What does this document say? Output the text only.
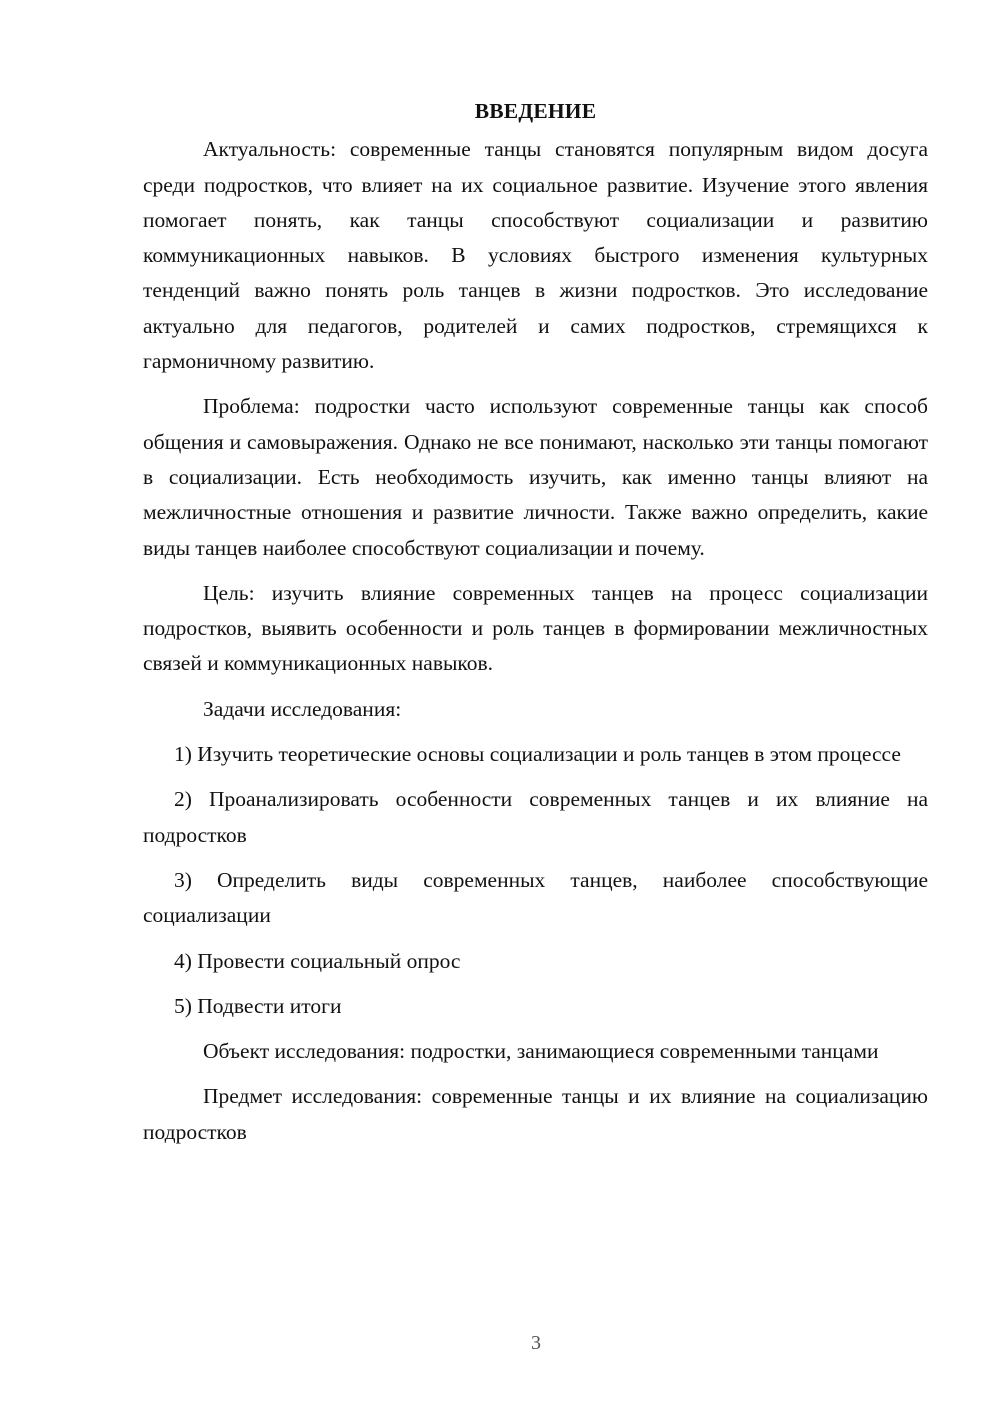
ВВЕДЕНИЕ

Актуальность: современные танцы становятся популярным видом досуга среди подростков, что влияет на их социальное развитие. Изучение этого явления помогает понять, как танцы способствуют социализации и развитию коммуникационных навыков. В условиях быстрого изменения культурных тенденций важно понять роль танцев в жизни подростков. Это исследование актуально для педагогов, родителей и самих подростков, стремящихся к гармоничному развитию.

Проблема: подростки часто используют современные танцы как способ общения и самовыражения. Однако не все понимают, насколько эти танцы помогают в социализации. Есть необходимость изучить, как именно танцы влияют на межличностные отношения и развитие личности. Также важно определить, какие виды танцев наиболее способствуют социализации и почему.

Цель: изучить влияние современных танцев на процесс социализации подростков, выявить особенности и роль танцев в формировании межличностных связей и коммуникационных навыков.

Задачи исследования:

1) Изучить теоретические основы социализации и роль танцев в этом процессе

2) Проанализировать особенности современных танцев и их влияние на подростков

3) Определить виды современных танцев, наиболее способствующие социализации

4) Провести социальный опрос

5) Подвести итоги

Объект исследования: подростки, занимающиеся современными танцами

Предмет исследования: современные танцы и их влияние на социализацию подростков

3
